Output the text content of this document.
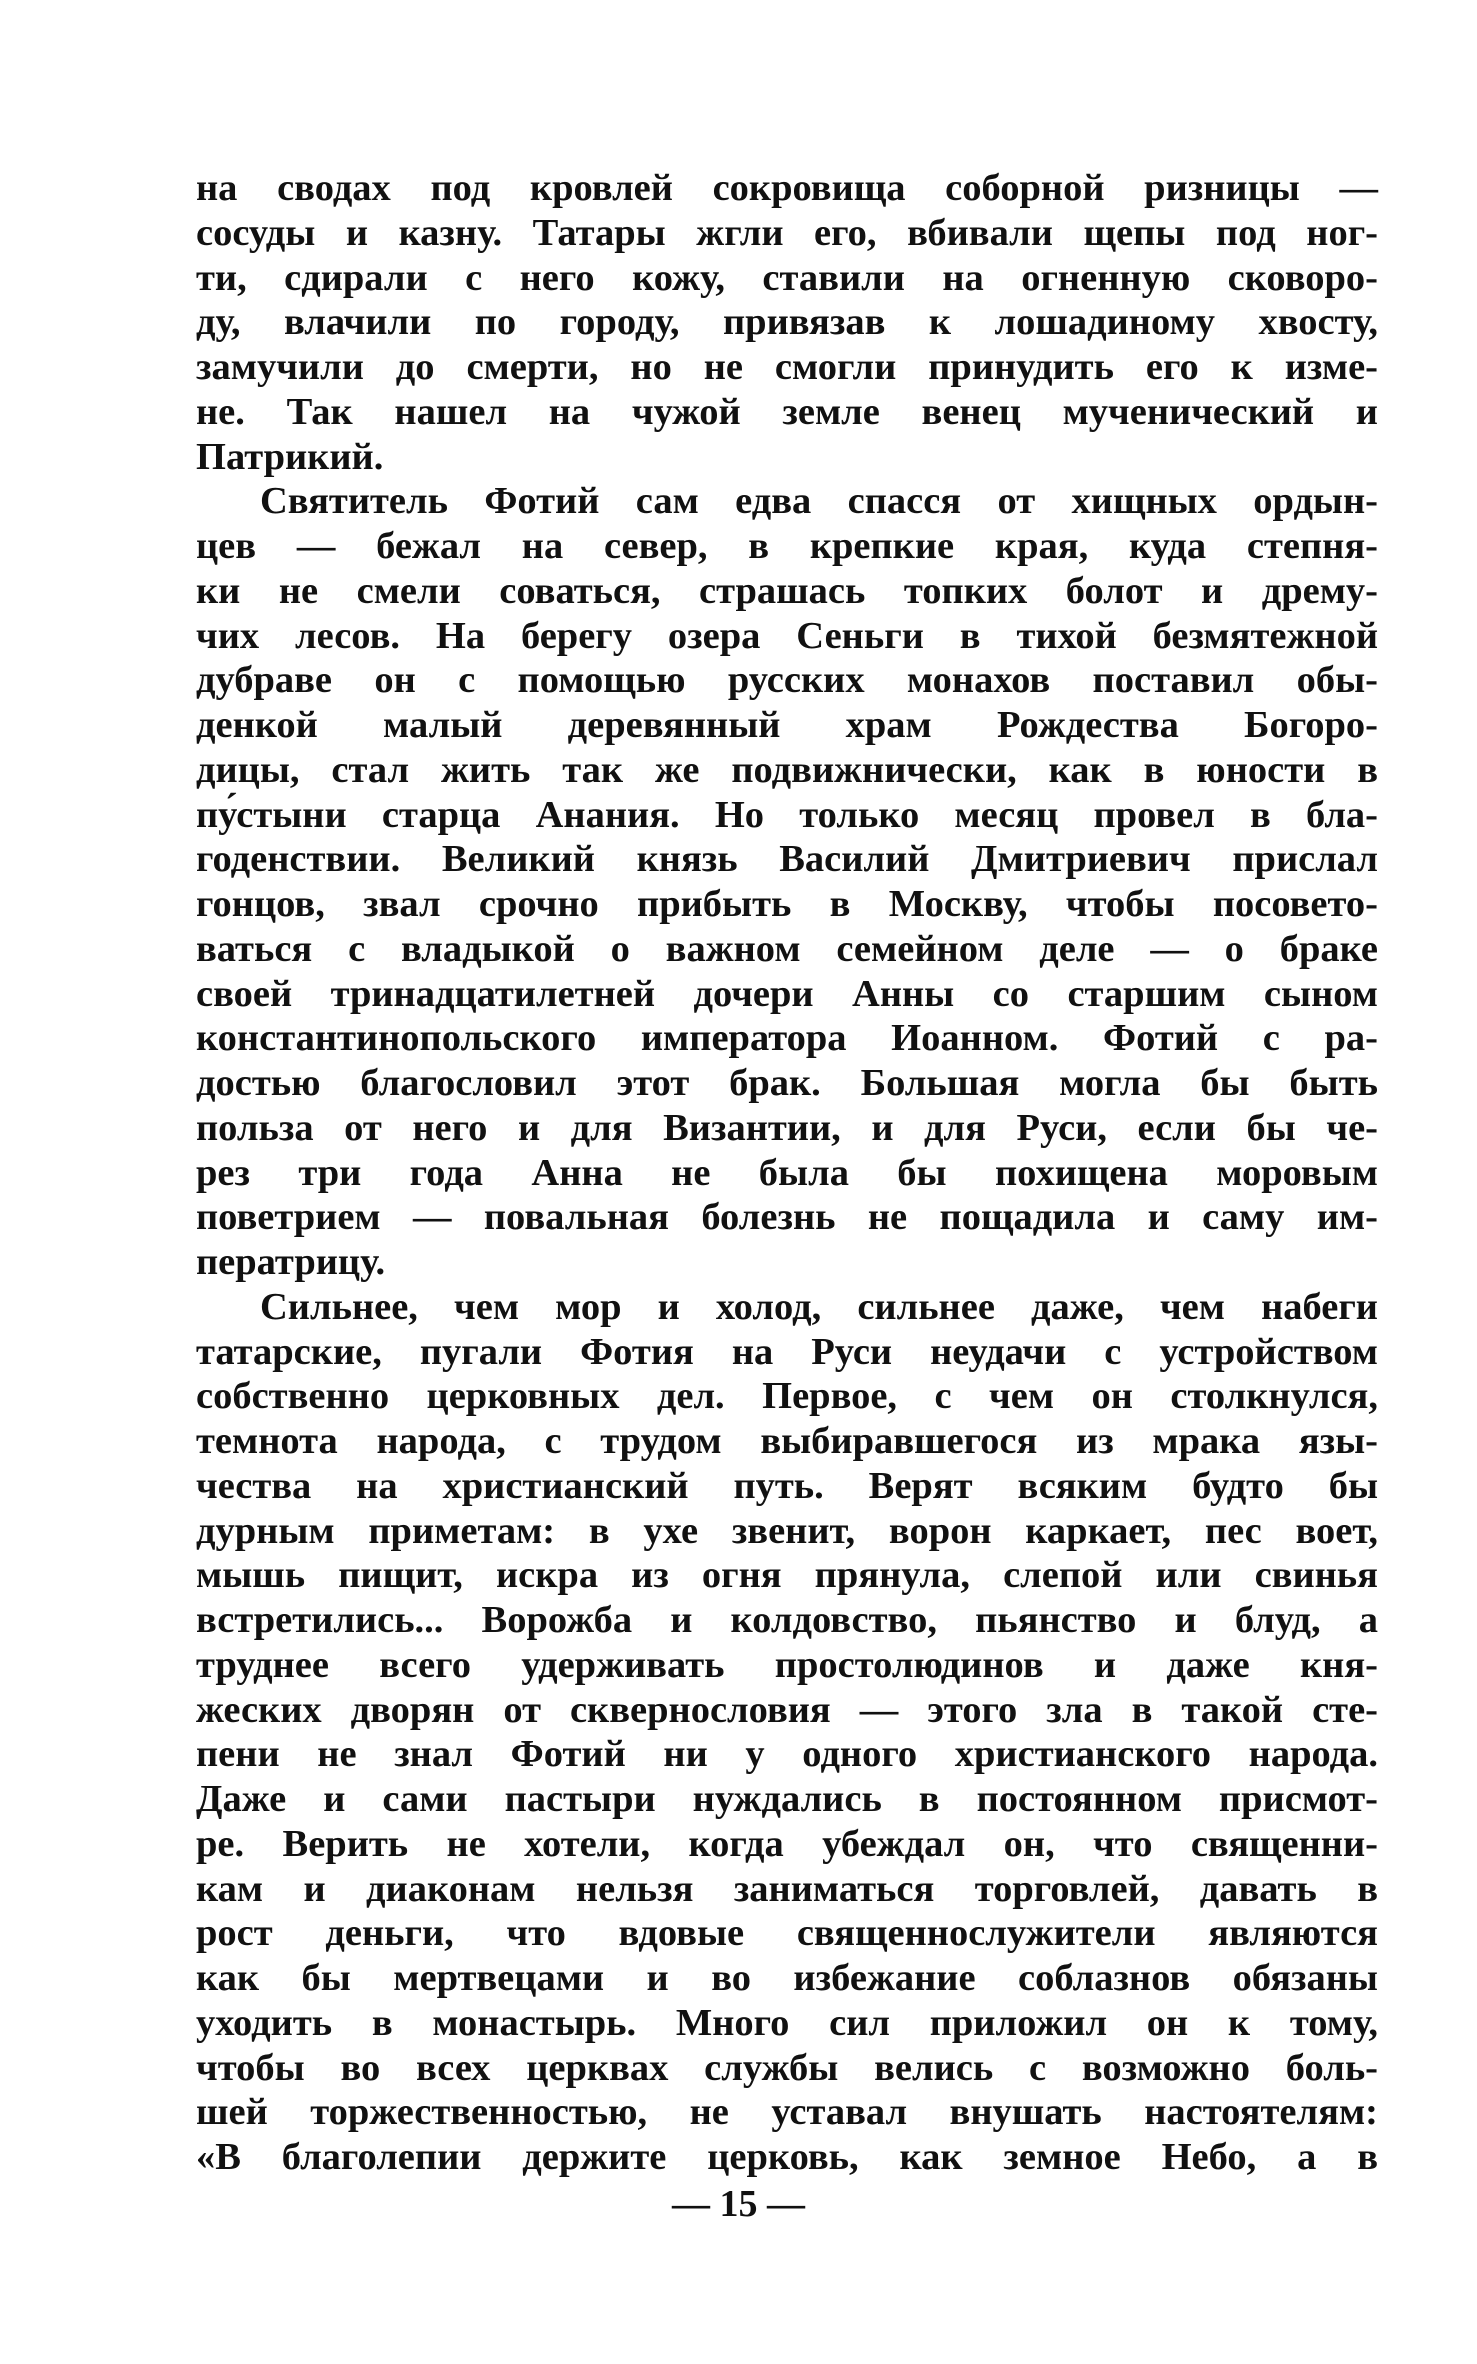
на сводах под кровлей сокровища соборной ризницы —
сосуды и казну. Татары жгли его, вбивали щепы под ног-
ти, сдирали с него кожу, ставили на огненную сковоро-
ду, влачили по городу, привязав к лошадиному хвосту,
замучили до смерти, но не смогли принудить его к изме-
не. Так нашел на чужой земле венец мученический и
Патрикий.
Святитель Фотий сам едва спасся от хищных ордын-
цев — бежал на север, в крепкие края, куда степня-
ки не смели соваться, страшась топких болот и дрему-
чих лесов. На берегу озера Сеньги в тихой безмятежной
дубраве он с помощью русских монахов поставил обы-
денкой малый деревянный храм Рождества Богоро-
дицы, стал жить так же подвижнически, как в юности в
пу́стыни старца Анания. Но только месяц провел в бла-
годенствии. Великий князь Василий Дмитриевич прислал
гонцов, звал срочно прибыть в Москву, чтобы посовето-
ваться с владыкой о важном семейном деле — о браке
своей тринадцатилетней дочери Анны со старшим сыном
константинопольского императора Иоанном. Фотий с ра-
достью благословил этот брак. Большая могла бы быть
польза от него и для Византии, и для Руси, если бы че-
рез три года Анна не была бы похищена моровым
поветрием — повальная болезнь не пощадила и саму им-
ператрицу.
Сильнее, чем мор и холод, сильнее даже, чем набеги
татарские, пугали Фотия на Руси неудачи с устройством
собственно церковных дел. Первое, с чем он столкнулся,
темнота народа, с трудом выбиравшегося из мрака язы-
чества на христианский путь. Верят всяким будто бы
дурным приметам: в ухе звенит, ворон каркает, пес воет,
мышь пищит, искра из огня прянула, слепой или свинья
встретились... Ворожба и колдовство, пьянство и блуд, а
труднее всего удерживать простолюдинов и даже кня-
жеских дворян от сквернословия — этого зла в такой сте-
пени не знал Фотий ни у одного христианского народа.
Даже и сами пастыри нуждались в постоянном присмот-
ре. Верить не хотели, когда убеждал он, что священни-
кам и диаконам нельзя заниматься торговлей, давать в
рост деньги, что вдовые священнослужители являются
как бы мертвецами и во избежание соблазнов обязаны
уходить в монастырь. Много сил приложил он к тому,
чтобы во всех церквах службы велись с возможно боль-
шей торжественностью, не уставал внушать настоятелям:
«В благолепии держите церковь, как земное Небо, а в
— 15 —
